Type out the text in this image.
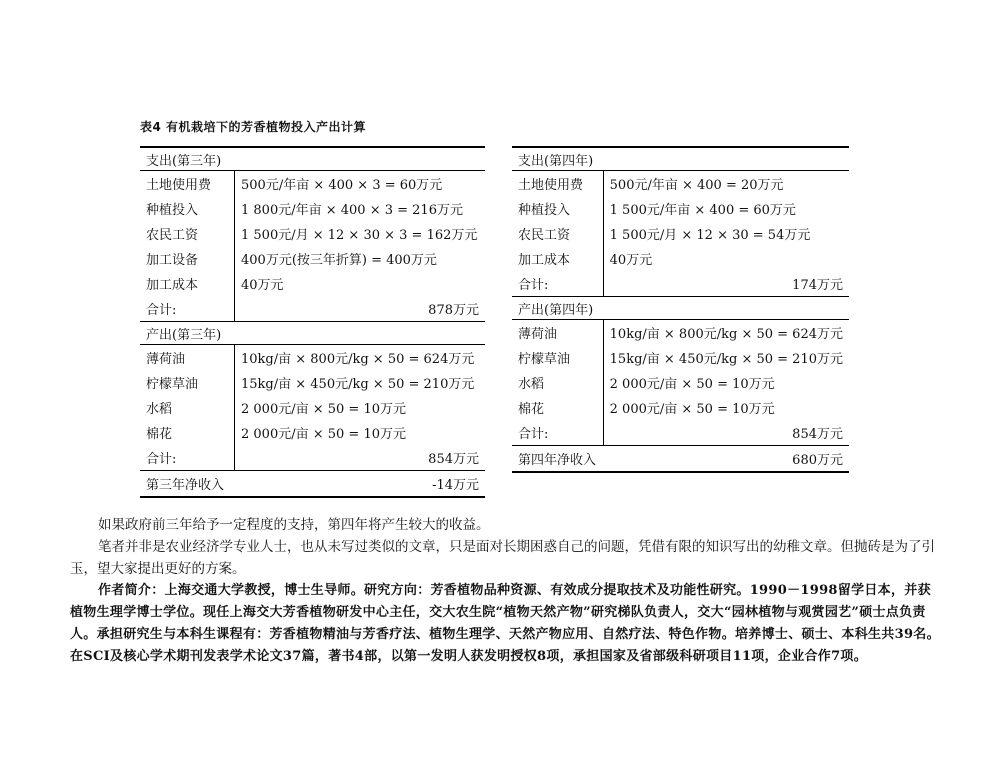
表4 有机栽培下的芳香植物投入产出计算
支出(第三年)	
土地使用费	500元/年亩 × 400 × 3 = 60万元
种植投入	1 800元/年亩 × 400 × 3 = 216万元
农民工资	1 500元/月 × 12 × 30 × 3 = 162万元
加工设备	400万元(按三年折算) = 400万元
加工成本	40万元
合计:	878万元
产出(第三年)	
薄荷油	10kg/亩 × 800元/kg × 50 = 624万元
柠檬草油	15kg/亩 × 450元/kg × 50 = 210万元
水稻	2 000元/亩 × 50 = 10万元
棉花	2 000元/亩 × 50 = 10万元
合计:	854万元
第三年净收入	-14万元
支出(第四年)	
土地使用费	500元/年亩 × 400 = 20万元
种植投入	1 500元/年亩 × 400 = 60万元
农民工资	1 500元/月 × 12 × 30 = 54万元
加工成本	40万元
合计:	174万元
产出(第四年)	
薄荷油	10kg/亩 × 800元/kg × 50 = 624万元
柠檬草油	15kg/亩 × 450元/kg × 50 = 210万元
水稻	2 000元/亩 × 50 = 10万元
棉花	2 000元/亩 × 50 = 10万元
合计:	854万元
第四年净收入	680万元

如果政府前三年给予一定程度的支持，第四年将产生较大的收益。

笔者并非是农业经济学专业人士，也从未写过类似的文章，只是面对长期困惑自己的问题，凭借有限的知识写出的幼稚文章。但抛砖是为了引玉，望大家提出更好的方案。

作者简介：上海交通大学教授，博士生导师。研究方向：芳香植物品种资源、有效成分提取技术及功能性研究。1990－1998留学日本，并获植物生理学博士学位。现任上海交大芳香植物研发中心主任，交大农生院“植物天然产物”研究梯队负责人，交大“园林植物与观赏园艺”硕士点负责人。承担研究生与本科生课程有：芳香植物精油与芳香疗法、植物生理学、天然产物应用、自然疗法、特色作物。培养博士、硕士、本科生共39名。在SCI及核心学术期刊发表学术论文37篇，著书4部，以第一发明人获发明授权8项，承担国家及省部级科研项目11项，企业合作7项。
